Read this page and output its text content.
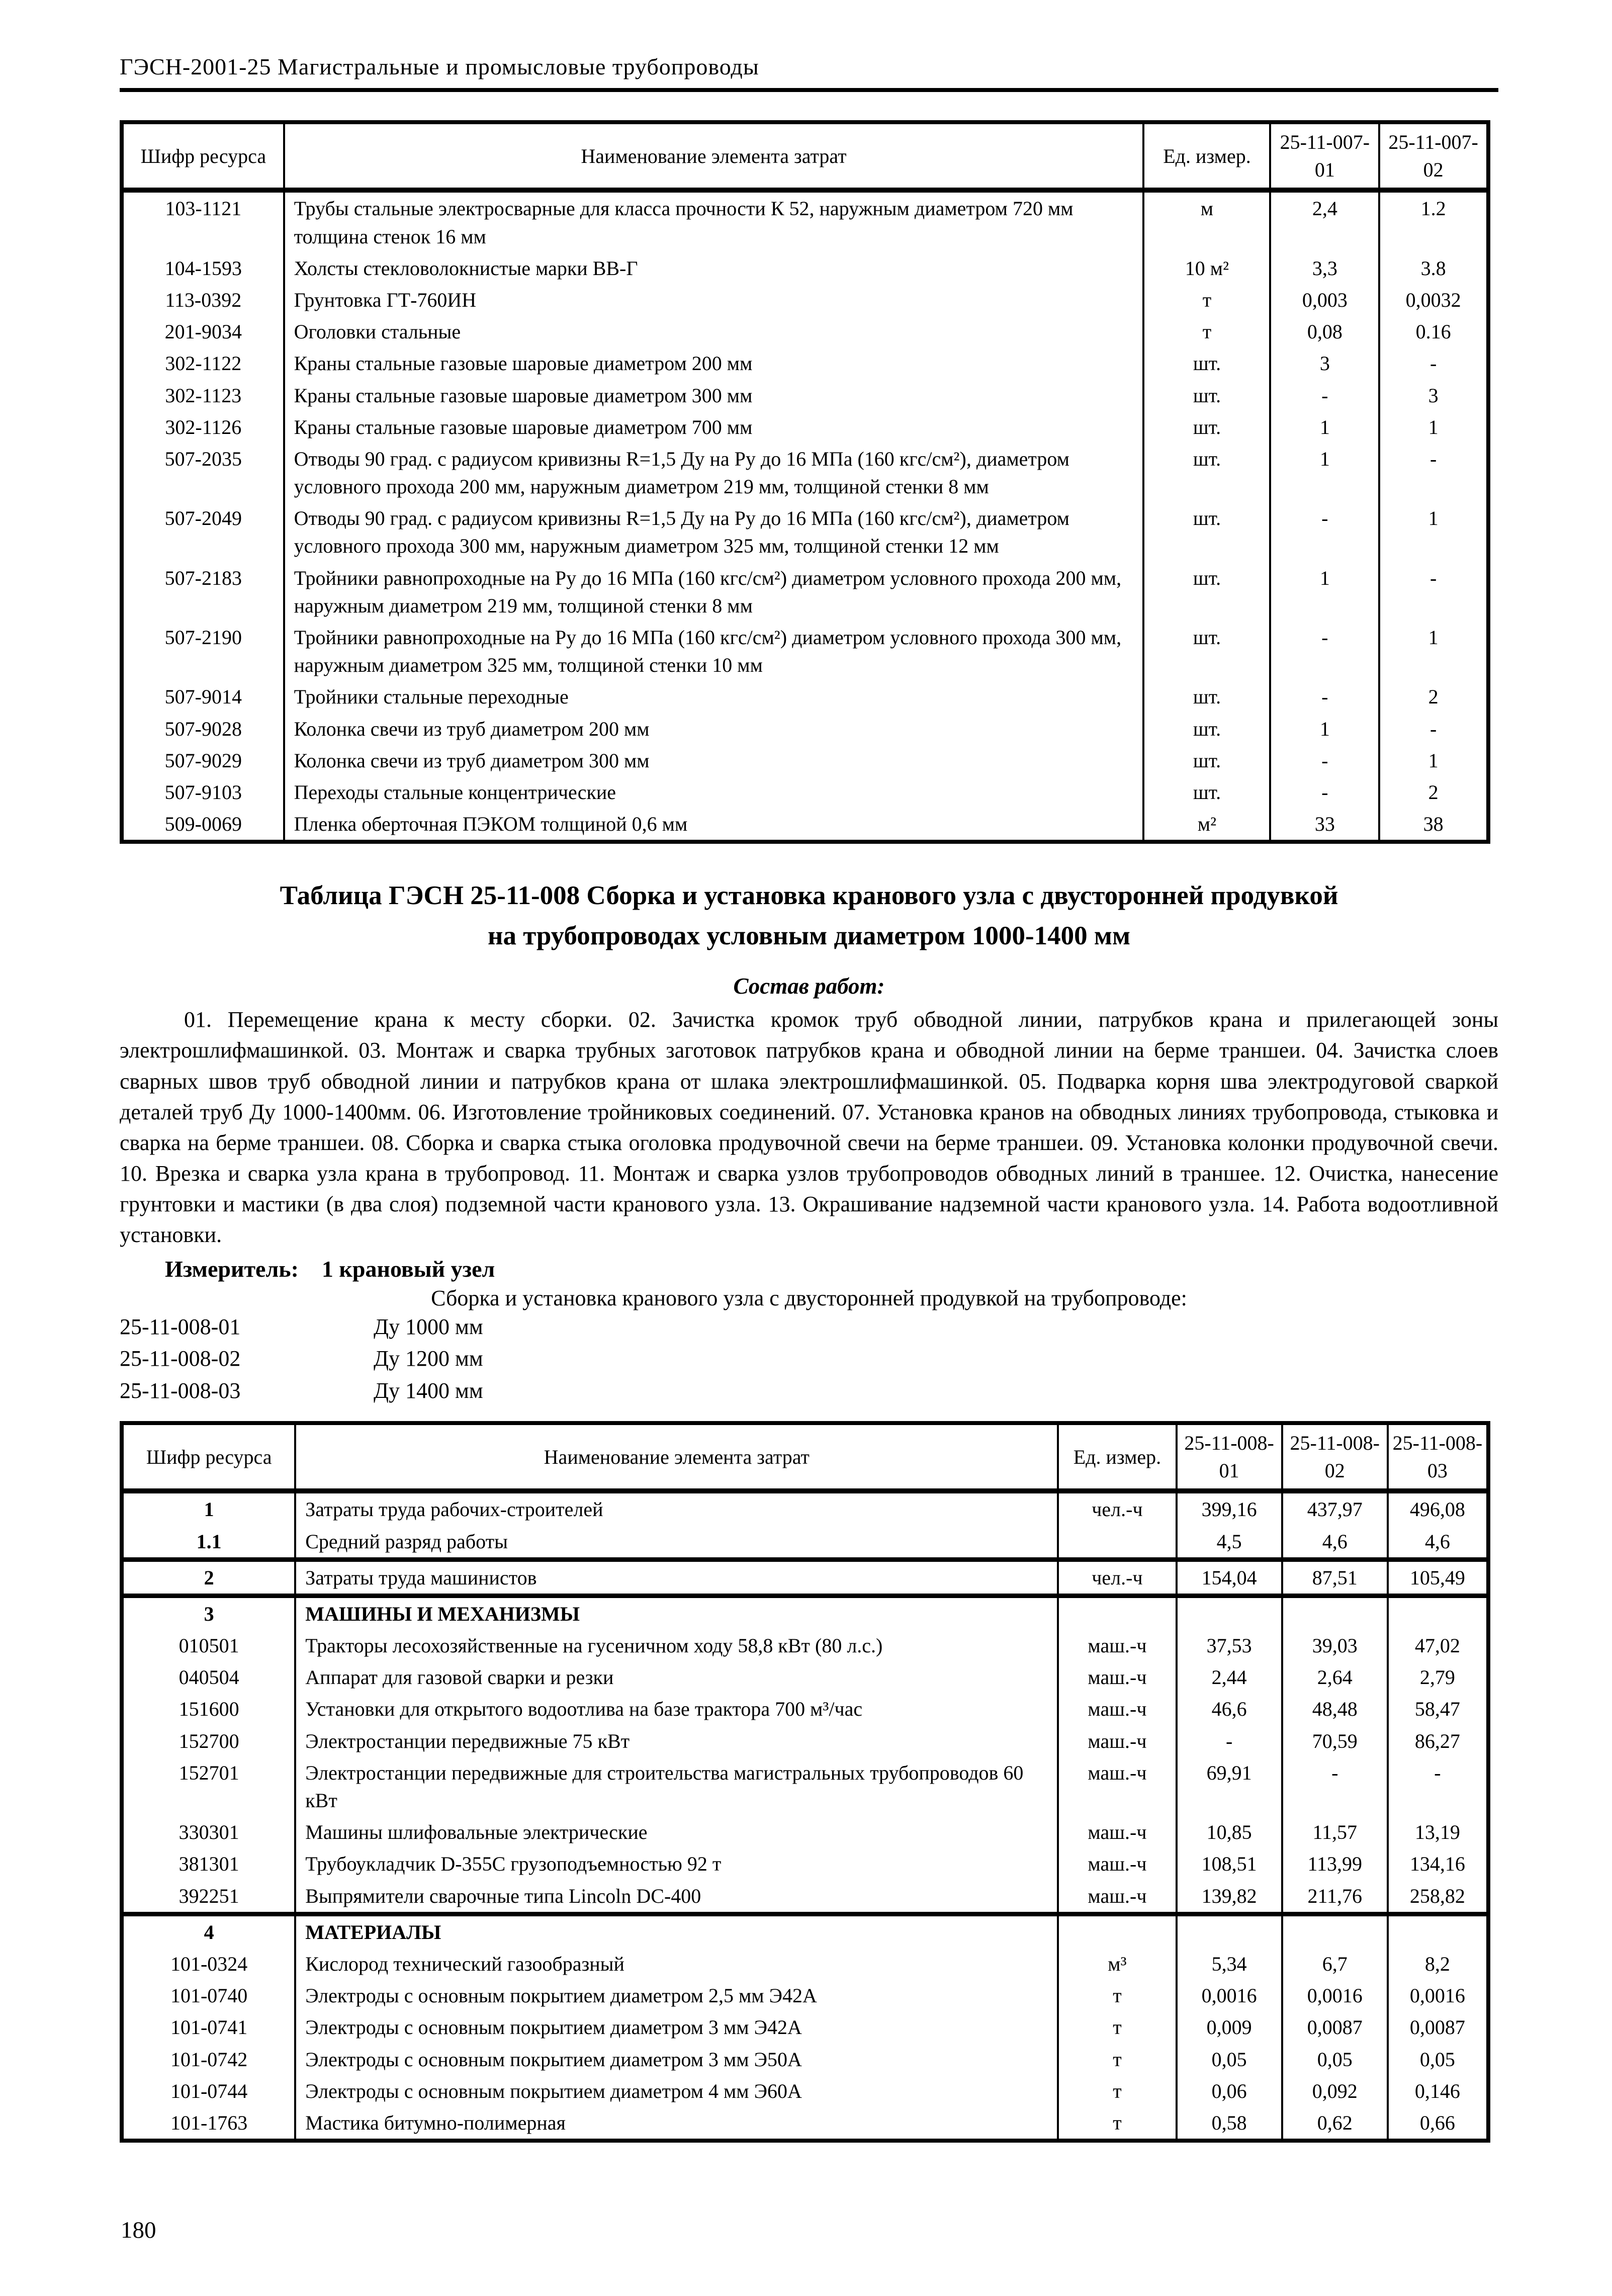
ГЭСН-2001-25 Магистральные и промысловые трубопроводы
Шифр ресурса	Наименование элемента затрат	Ед. измер.	25-11-007-01	25-11-007-02
103-1121	Трубы стальные электросварные для класса прочности К 52, наружным диаметром 720 мм толщина стенок 16 мм	м	2,4	1.2
104-1593	Холсты стекловолокнистые марки ВВ-Г	10 м²	3,3	3.8
113-0392	Грунтовка ГТ-760ИН	т	0,003	0,0032
201-9034	Оголовки стальные	т	0,08	0.16
302-1122	Краны стальные газовые шаровые диаметром 200 мм	шт.	3	-
302-1123	Краны стальные газовые шаровые диаметром 300 мм	шт.	-	3
302-1126	Краны стальные газовые шаровые диаметром 700 мм	шт.	1	1
507-2035	Отводы 90 град. с радиусом кривизны R=1,5 Ду на Ру до 16 МПа (160 кгс/см²), диаметром условного прохода 200 мм, наружным диаметром 219 мм, толщиной стенки 8 мм	шт.	1	-
507-2049	Отводы 90 град. с радиусом кривизны R=1,5 Ду на Ру до 16 МПа (160 кгс/см²), диаметром условного прохода 300 мм, наружным диаметром 325 мм, толщиной стенки 12 мм	шт.	-	1
507-2183	Тройники равнопроходные на Ру до 16 МПа (160 кгс/см²) диаметром условного прохода 200 мм, наружным диаметром 219 мм, толщиной стенки 8 мм	шт.	1	-
507-2190	Тройники равнопроходные на Ру до 16 МПа (160 кгс/см²) диаметром условного прохода 300 мм, наружным диаметром 325 мм, толщиной стенки 10 мм	шт.	-	1
507-9014	Тройники стальные переходные	шт.	-	2
507-9028	Колонка свечи из труб диаметром 200 мм	шт.	1	-
507-9029	Колонка свечи из труб диаметром 300 мм	шт.	-	1
507-9103	Переходы стальные концентрические	шт.	-	2
509-0069	Пленка оберточная ПЭКОМ толщиной 0,6 мм	м²	33	38
Таблица ГЭСН 25-11-008 Сборка и установка кранового узла с двусторонней продувкой
на трубопроводах условным диаметром 1000-1400 мм
Состав работ:
01. Перемещение крана к месту сборки. 02. Зачистка кромок труб обводной линии, патрубков крана и прилегающей зоны электрошлифмашинкой. 03. Монтаж и сварка трубных заготовок патрубков крана и обводной линии на берме траншеи. 04. Зачистка слоев сварных швов труб обводной линии и патрубков крана от шлака электрошлифмашинкой. 05. Подварка корня шва электродуговой сваркой деталей труб Ду 1000-1400мм. 06. Изготовление тройниковых соединений. 07. Установка кранов на обводных линиях трубопровода, стыковка и сварка на берме траншеи. 08. Сборка и сварка стыка оголовка продувочной свечи на берме траншеи. 09. Установка колонки продувочной свечи. 10. Врезка и сварка узла крана в трубопровод. 11. Монтаж и сварка узлов трубопроводов обводных линий в траншее. 12. Очистка, нанесение грунтовки и мастики (в два слоя) подземной части кранового узла. 13. Окрашивание надземной части кранового узла. 14. Работа водоотливной установки.
Измеритель: 1 крановый узел
Сборка и установка кранового узла с двусторонней продувкой на трубопроводе:
25-11-008-01	Ду 1000 мм
25-11-008-02	Ду 1200 мм
25-11-008-03	Ду 1400 мм
Шифр ресурса	Наименование элемента затрат	Ед. измер.	25-11-008-01	25-11-008-02	25-11-008-03
1	Затраты труда рабочих-строителей	чел.-ч	399,16	437,97	496,08
1.1	Средний разряд работы		4,5	4,6	4,6
2	Затраты труда машинистов	чел.-ч	154,04	87,51	105,49
3	МАШИНЫ И МЕХАНИЗМЫ				
010501	Тракторы лесохозяйственные на гусеничном ходу 58,8 кВт (80 л.с.)	маш.-ч	37,53	39,03	47,02
040504	Аппарат для газовой сварки и резки	маш.-ч	2,44	2,64	2,79
151600	Установки для открытого водоотлива на базе трактора 700 м³/час	маш.-ч	46,6	48,48	58,47
152700	Электростанции передвижные 75 кВт	маш.-ч	-	70,59	86,27
152701	Электростанции передвижные для строительства магистральных трубопроводов 60 кВт	маш.-ч	69,91	-	-
330301	Машины шлифовальные электрические	маш.-ч	10,85	11,57	13,19
381301	Трубоукладчик D-355C грузоподъемностью 92 т	маш.-ч	108,51	113,99	134,16
392251	Выпрямители сварочные типа Lincoln DC-400	маш.-ч	139,82	211,76	258,82
4	МАТЕРИАЛЫ				
101-0324	Кислород технический газообразный	м³	5,34	6,7	8,2
101-0740	Электроды с основным покрытием диаметром 2,5 мм Э42А	т	0,0016	0,0016	0,0016
101-0741	Электроды с основным покрытием диаметром 3 мм Э42А	т	0,009	0,0087	0,0087
101-0742	Электроды с основным покрытием диаметром 3 мм Э50А	т	0,05	0,05	0,05
101-0744	Электроды с основным покрытием диаметром 4 мм Э60А	т	0,06	0,092	0,146
101-1763	Мастика битумно-полимерная	т	0,58	0,62	0,66
180
